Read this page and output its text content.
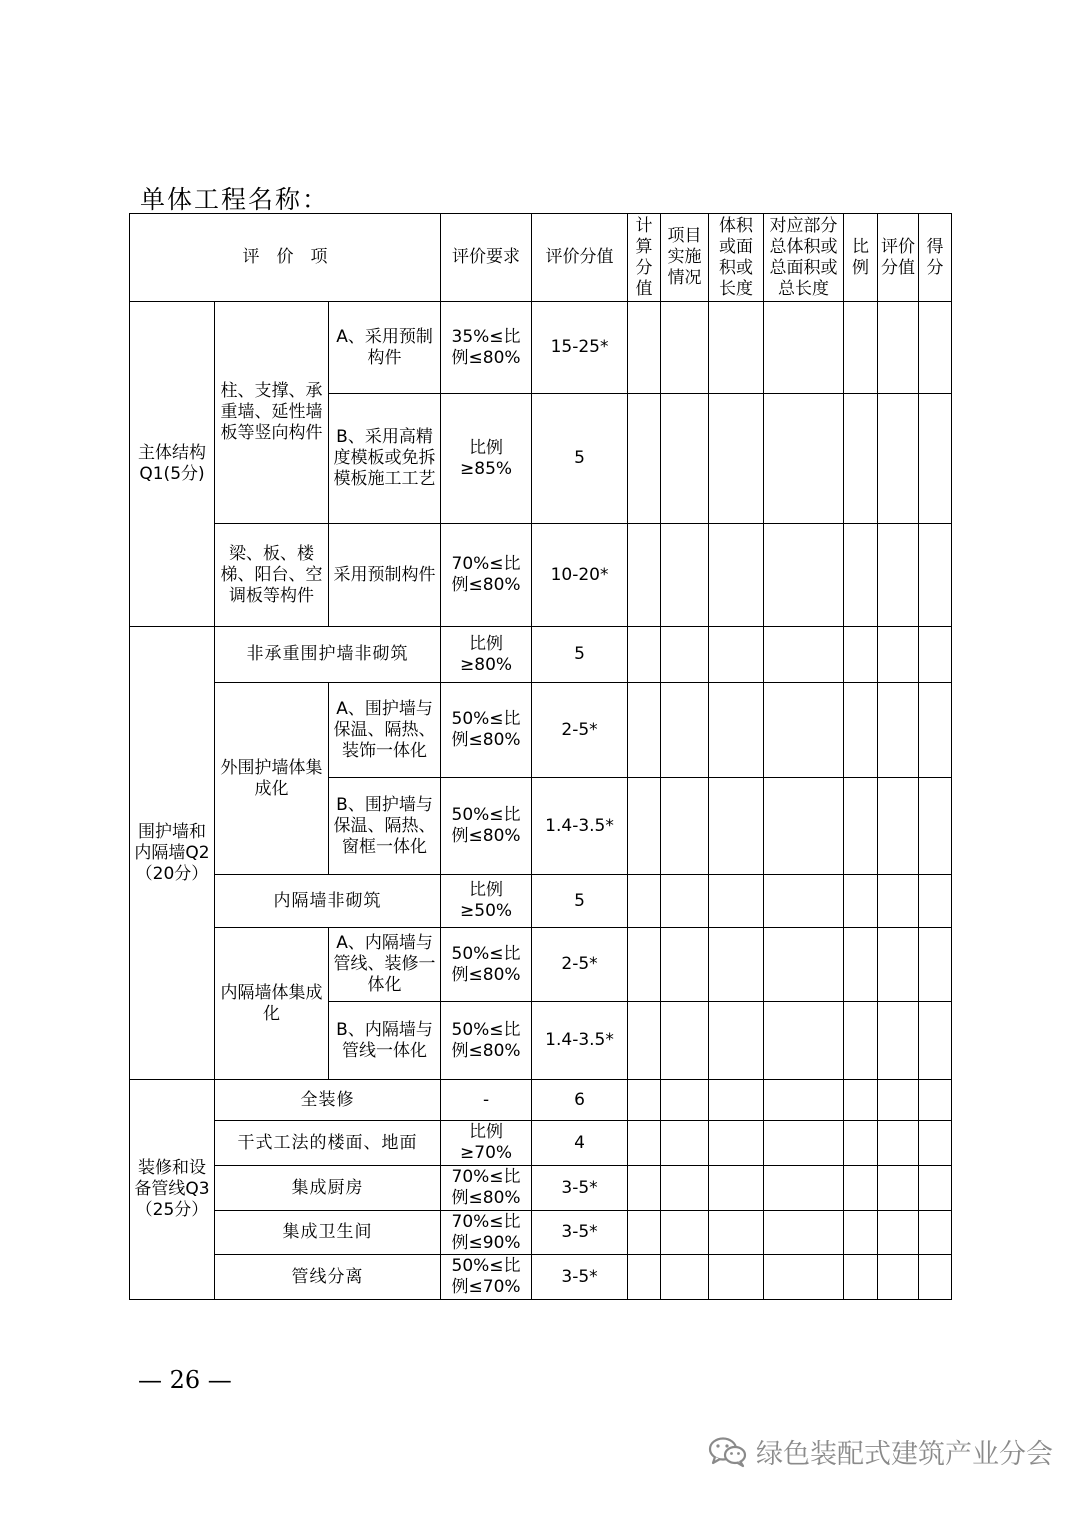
单体工程名称：
评　价　项			评价要求	评价分值	计算分值	项目实施情况	体积或面积或长度	对应部分总体积或总面积或总长度	比例	评价分值	得分
主体结构Q1(5分)	柱、支撑、承重墙、延性墙板等竖向构件	A、采用预制构件	35%≤比例≤80%	15-25*							
		B、采用高精度模板或免拆模板施工工艺	比例≥85%	5							
	梁、板、楼梯、阳台、空调板等构件	采用预制构件	70%≤比例≤80%	10-20*							
围护墙和内隔墙Q2（20分）	非承重围护墙非砌筑		比例≥80%	5							
	外围护墙体集成化	A、围护墙与保温、隔热、装饰一体化	50%≤比例≤80%	2-5*							
		B、围护墙与保温、隔热、窗框一体化	50%≤比例≤80%	1.4-3.5*							
	内隔墙非砌筑		比例≥50%	5							
	内隔墙体集成化	A、内隔墙与管线、装修一体化	50%≤比例≤80%	2-5*							
		B、内隔墙与管线一体化	50%≤比例≤80%	1.4-3.5*							
装修和设备管线Q3（25分）	全装修		-	6							
	干式工法的楼面、地面		比例≥70%	4							
	集成厨房		70%≤比例≤80%	3-5*							
	集成卫生间		70%≤比例≤90%	3-5*							
	管线分离		50%≤比例≤70%	3-5*							
— 26 —
绿色装配式建筑产业分会
